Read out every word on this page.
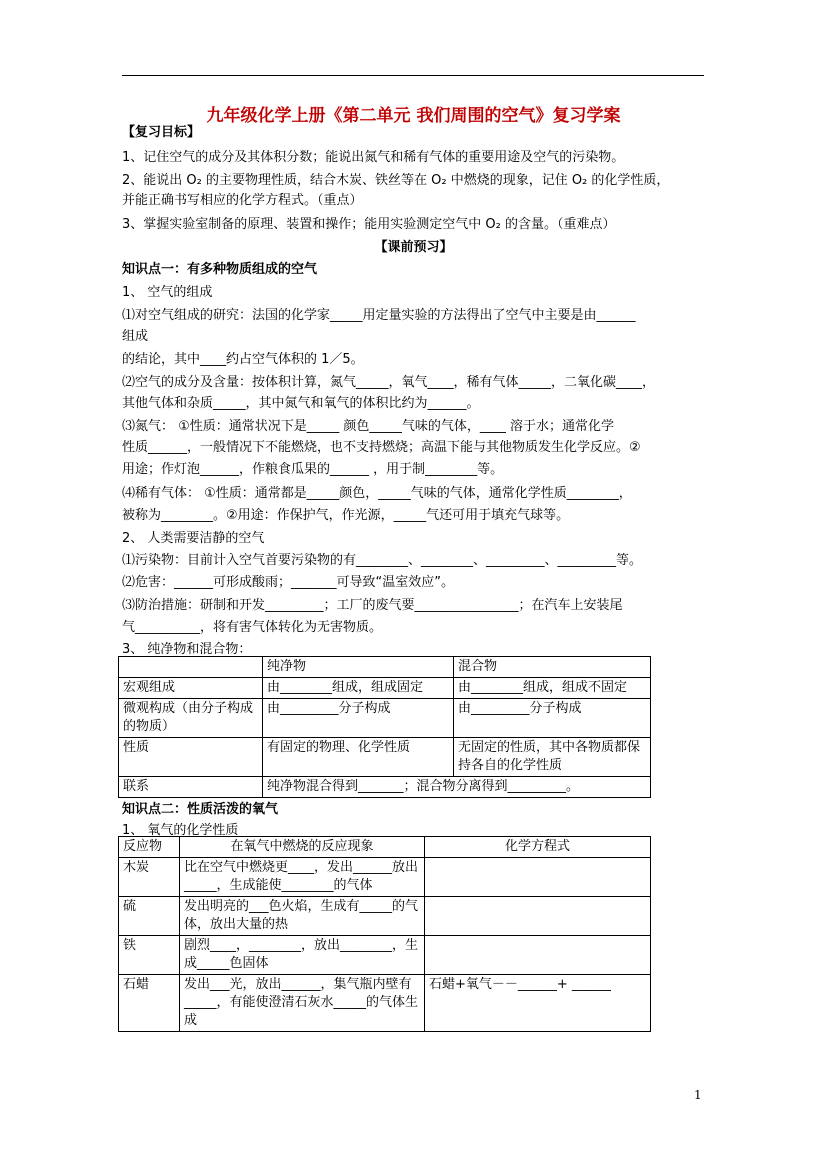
九年级化学上册《第二单元 我们周围的空气》复习学案
【复习目标】
1、记住空气的成分及其体积分数；能说出氮气和稀有气体的重要用途及空气的污染物。
2、能说出 O₂ 的主要物理性质，结合木炭、铁丝等在 O₂ 中燃烧的现象，记住 O₂ 的化学性质，
并能正确书写相应的化学方程式。（重点）
3、掌握实验室制备的原理、装置和操作；能用实验测定空气中 O₂ 的含量。（重难点）
【课前预习】
知识点一：有多种物质组成的空气
1、 空气的组成
⑴对空气组成的研究：法国的化学家_____用定量实验的方法得出了空气中主要是由______
组成
的结论，其中____约占空气体积的 1／5。
⑵空气的成分及含量：按体积计算，氮气_____，氧气____，稀有气体_____，二氧化碳____，
其他气体和杂质_____，其中氮气和氧气的体积比约为______。
⑶氮气： ①性质：通常状况下是_____ 颜色_____气味的气体，____ 溶于水；通常化学
性质______，一般情况下不能燃烧，也不支持燃烧；高温下能与其他物质发生化学反应。②
用途；作灯泡______，作粮食瓜果的______ ，用于制________等。
⑷稀有气体： ①性质：通常都是_____颜色，_____气味的气体，通常化学性质________，
被称为________。②用途：作保护气，作光源，_____气还可用于填充气球等。
2、 人类需要洁静的空气
⑴污染物：目前计入空气首要污染物的有________、________、_________、_________等。
⑵危害：______可形成酸雨；_______可导致“温室效应”。
⑶防治措施：研制和开发_________；工厂的废气要________________；在汽车上安装尾
气__________，将有害气体转化为无害物质。
3、 纯净物和混合物：
知识点二：性质活泼的氧气
1、 氧气的化学性质
	纯净物	混合物
宏观组成	由________组成，组成固定	由________组成，组成不固定
微观构成（由分子构成的物质）	由_________分子构成	由_________分子构成
性质	有固定的物理、化学性质	无固定的性质，其中各物质都保持各自的化学性质
联系	纯净物混合得到_______；混合物分离得到_________。	
反应物	在氧气中燃烧的反应现象	化学方程式
木炭	比在空气中燃烧更____，发出______放出_____，生成能使________的气体	
硫	发出明亮的___色火焰，生成有_____的气体，放出大量的热	
铁	剧烈____，________，放出________，生成_____色固体	
石蜡	发出___光，放出______，集气瓶内壁有_____，有能使澄清石灰水_____的气体生成	石蜡+氧气－－______+ ______
1
